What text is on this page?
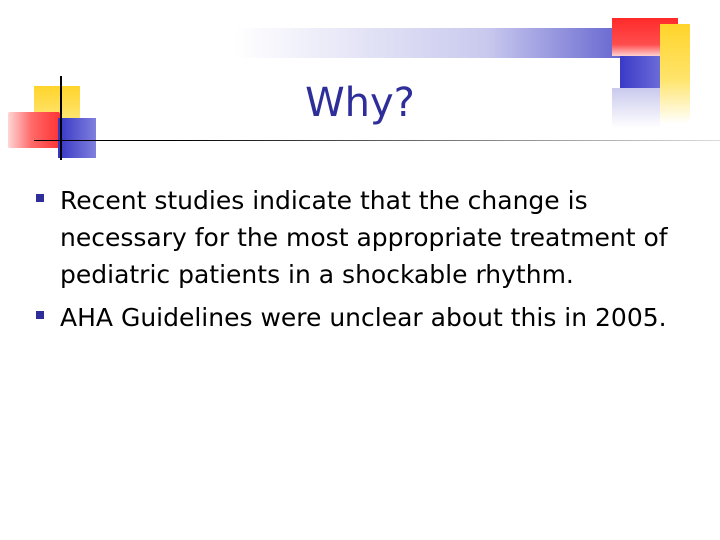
Why?
Recent studies indicate that the change is necessary for the most appropriate treatment of pediatric patients in a shockable rhythm.
AHA Guidelines were unclear about this in 2005.
